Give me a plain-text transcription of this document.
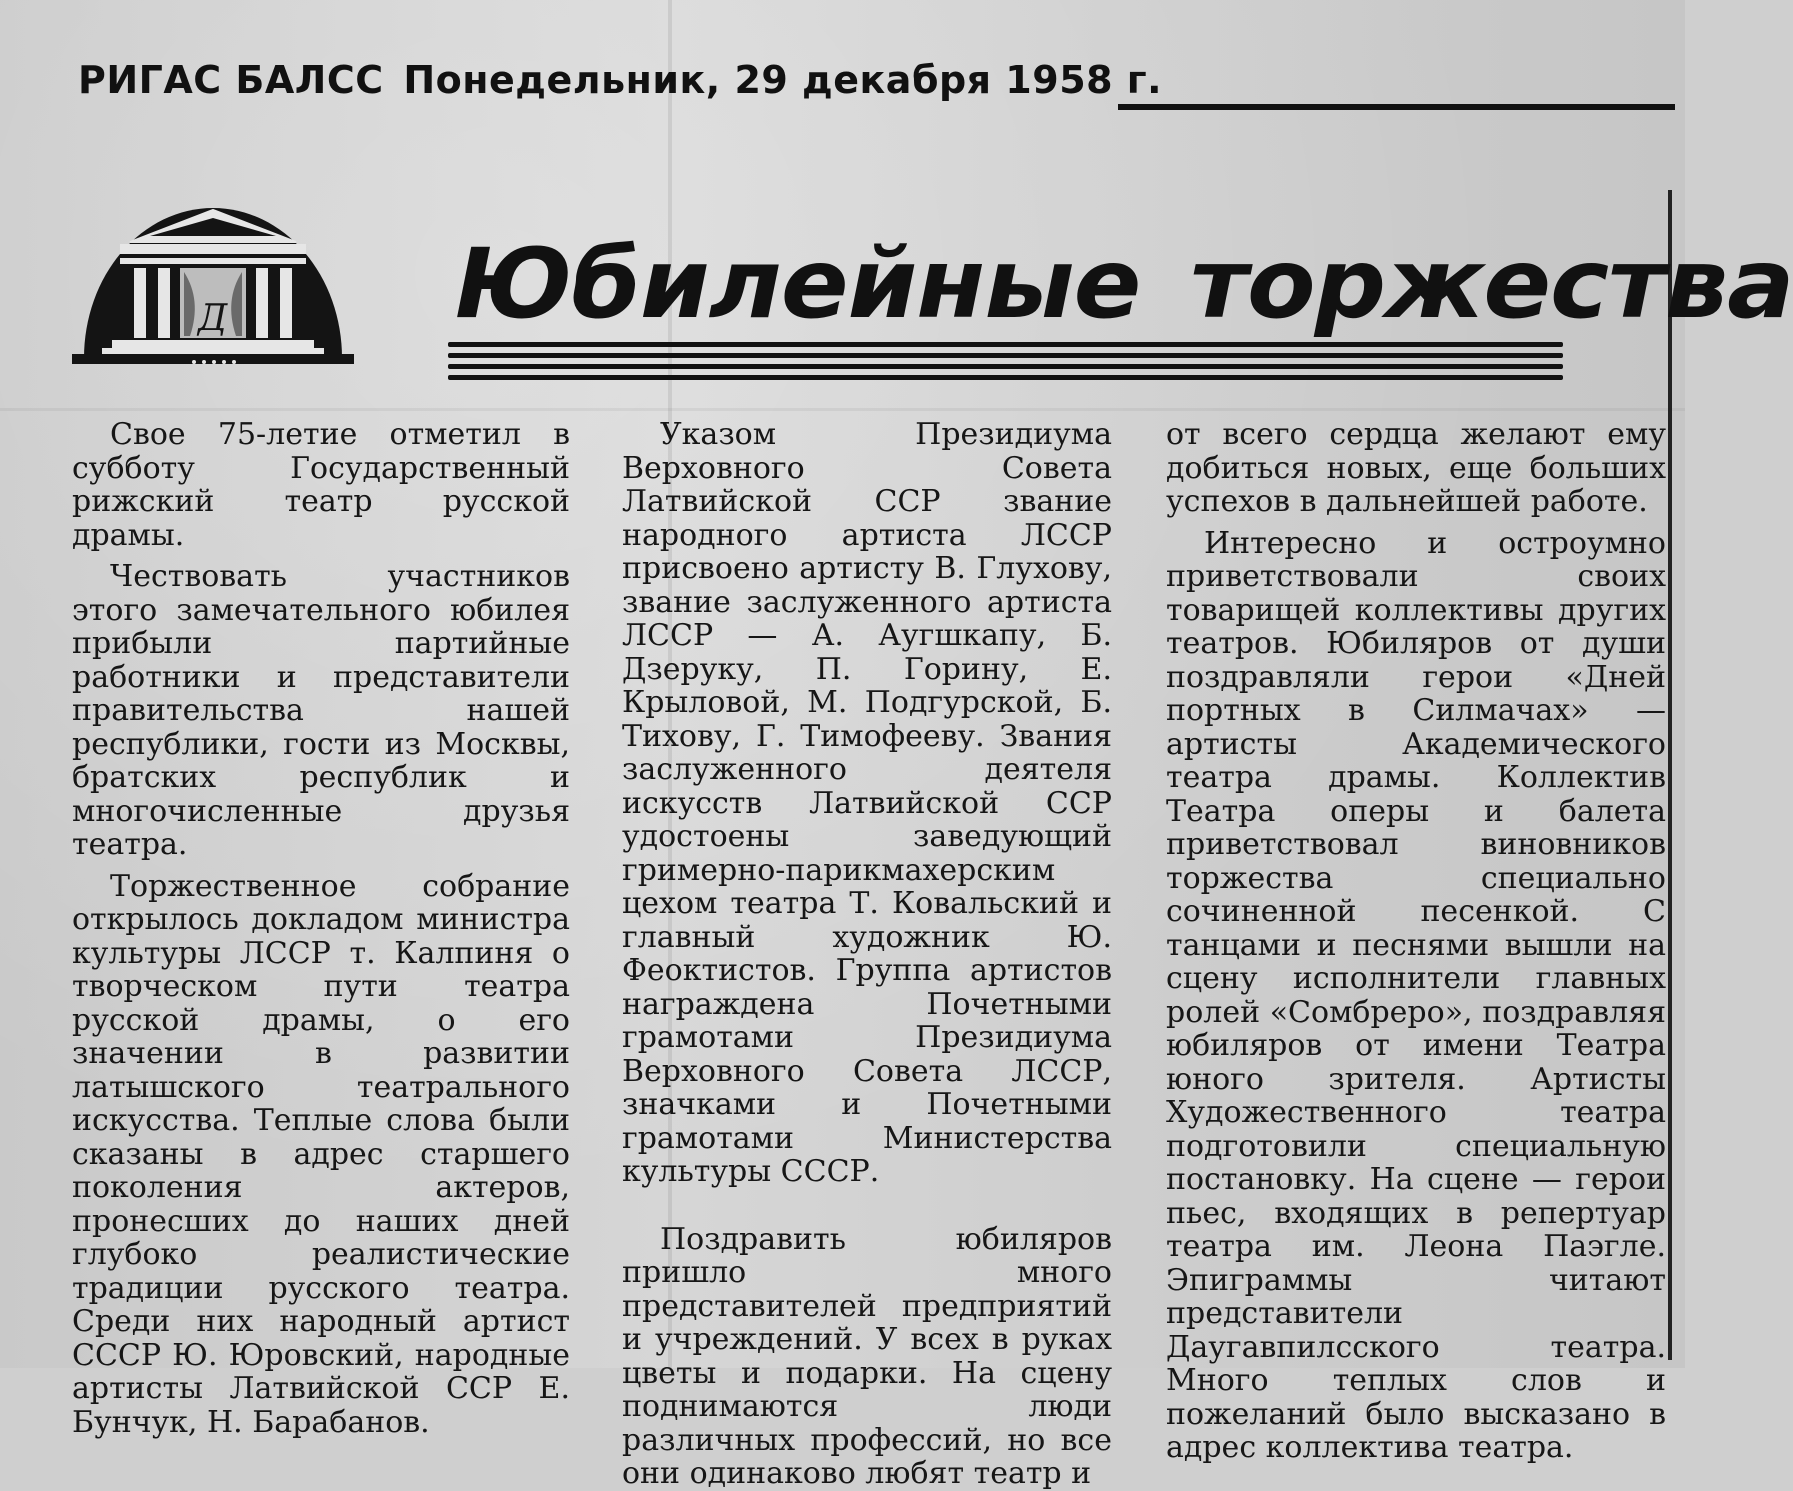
РИГАС БАЛСС Понедельник, 29 декабря 1958 г.
Д Юбилейные торжества

Свое 75-летие отметил в субботу Государственный рижский театр русской драмы.

Чествовать участников этого замечательного юбилея прибыли партийные работники и представители правительства нашей республики, гости из Москвы, братских республик и многочисленные друзья театра.

Торжественное собрание открылось докладом министра культуры ЛССР т. Калпиня о творческом пути театра русской драмы, о его значении в развитии латышского театрального искусства. Теплые слова были сказаны в адрес старшего поколения актеров, пронесших до наших дней глубоко реалистические традиции русского театра. Среди них народный артист СССР Ю. Юровский, народные артисты Латвийской ССР Е. Бунчук, Н. Барабанов.

Указом Президиума Верховного Совета Латвийской ССР звание народного артиста ЛССР присвоено артисту В. Глухову, звание заслуженного артиста ЛССР — А. Аугшкапу, Б. Дзеруку, П. Горину, Е. Крыловой, М. Подгурской, Б. Тихову, Г. Тимофееву. Звания заслуженного деятеля искусств Латвийской ССР удостоены заведующий гримерно-парикмахерским цехом театра Т. Ковальский и главный художник Ю. Феоктистов. Группа артистов награждена Почетными грамотами Президиума Верховного Совета ЛССР, значками и Почетными грамотами Министерства культуры СССР.

Поздравить юбиляров пришло много представителей предприятий и учреждений. У всех в руках цветы и подарки. На сцену поднимаются люди различных профессий, но все они одинаково любят театр и

от всего сердца желают ему добиться новых, еще больших успехов в дальнейшей работе.

Интересно и остроумно приветствовали своих товарищей коллективы других театров. Юбиляров от души поздравляли герои «Дней портных в Силмачах» — артисты Академического театра драмы. Коллектив Театра оперы и балета приветствовал виновников торжества специально сочиненной песенкой. С танцами и песнями вышли на сцену исполнители главных ролей «Сомбреро», поздравляя юбиляров от имени Театра юного зрителя. Артисты Художественного театра подготовили специальную постановку. На сцене — герои пьес, входящих в репертуар театра им. Леона Паэгле. Эпиграммы читают представители Даугавпилсского театра. Много теплых слов и пожеланий было высказано в адрес коллектива театра.
